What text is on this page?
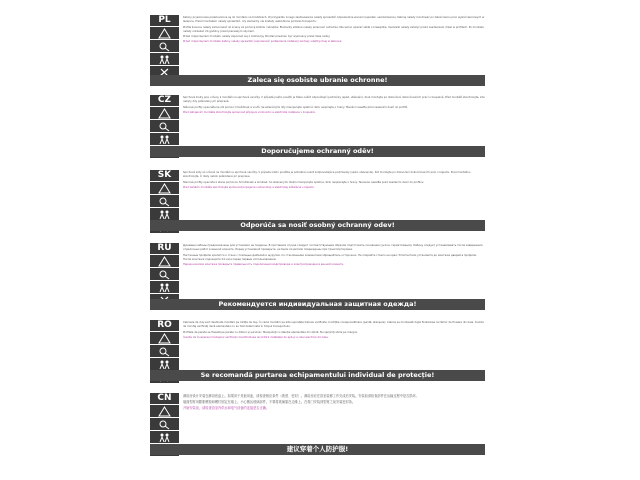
PL	Kabiny prysznicowe przeznaczone są do montażu na brodzikach. W przypadku innego zastosowania należy sprawdzić odpowiednie warunki (spadek, uszczelnienie). Kabinę należy montować po zakończeniu prac wykończeniowych w łazience. Przed montażem należy sprawdzić, czy elementy nie zostały uszkodzone podczas transportu.

Profile ścienne należy zamocować do ściany za pomocą kołków i wkrętów. Elementy szklane należy przenosić ostrożnie. Nie wolno opierać szkła o krawędzie. Uszczelki należy założyć przed osadzeniem drzwi w profilach. Po montażu należy odczekać 24 godziny przed pierwszym użyciem.

Przed rozpoczęciem montażu należy zapoznać się z instrukcją. Montaż powinien być wykonany przez dwie osoby.

Przed rozpoczęciem montażu kabiny należy sprawdzić poprawność podłączenia instalacji wodnej i elektrycznej w łazience.

Zaleca się osobiste ubranie ochronne!
CZ	Sprchové kouty jsou určeny k montáži na sprchové vaničky. V případě jiného použití je třeba ověřit odpovídající podmínky (spád, utěsnění). Kout montujte po dokončení dokončovacích prací v koupelně. Před montáží zkontrolujte, zda nebyly díly poškozeny při přepravě.

Stěnové profily upevněte ke zdi pomocí hmoždinek a vrutů. Se skleněnými díly manipulujte opatrně. Sklo neopírejte o hrany. Těsnění nasaďte před osazením dveří do profilů.

Před zahájením montáže zkontrolujte správnost připojení vodovodní a elektrické instalace v koupelně.

Doporučujeme ochranný oděv!
SK	Sprchové kúty sú určené na montáž na sprchové vaničky. V prípade iného použitia je potrebné overiť zodpovedajúce podmienky (spád, utesnenie). Kút montujte po dokončení dokončovacích prác v kúpeľni. Pred montážou skontrolujte, či diely neboli poškodené pri preprave.

Stenové profily upevnite k stene pomocou hmoždiniek a skrutiek. So sklenenými dielmi manipulujte opatrne. Sklo neopierajte o hrany. Tesnenie nasaďte pred osadením dverí do profilov.

Pred začatím montáže skontrolujte správnosť pripojenia vodovodnej a elektrickej inštalácie v kúpeľni.

Odporúča sa nosiť osobný ochranný odev!
RU	Душевые кабины предназначены для установки на поддоны. В противном случае следует соответствующим образом подготовить основание (уклон, герметизация). Кабину следует устанавливать после завершения отделочных работ в ванной комнате. Перед установкой проверьте, не были ли детали повреждены при транспортировке.

Настенные профили крепятся к стене с помощью дюбелей и шурупов. Со стеклянными элементами обращайтесь осторожно. Не опирайте стекло на края. Уплотнители установите до монтажа дверей в профили. После монтажа подождите 24 часа перед первым использованием.

Перед началом монтажа проверьте правильность подключения водопровода и электропроводки в ванной комнате.

Рекомендуется индивидуальная защитная одежда!
RO	Cabinele de duș sunt destinate montării pe cădițe de duș. În cazul montării pe alte suprafețe trebuie verificate condițiile corespunzătoare (pantă, etanșare). Cabina se montează după finalizarea lucrărilor de finisare din baie. Înainte de montaj verificați dacă elementele nu au fost deteriorate în timpul transportului.

Profilele de perete se fixează pe perete cu dibluri și șuruburi. Manipulați cu atenție elementele din sticlă. Nu sprijiniți sticla pe margini.

Înainte de începerea montajului verificați corectitudinea racordării instalației de apă și a celei electrice din baie.

Se recomandă purtarea echipamentului individual de protecție!
CN	淋浴房设计安装在淋浴底盘上。如果用于其他用途，请检查相应条件（坡度、密封）。淋浴房应在浴室装修工作完成后安装。安装前请检查部件在运输过程中是否损坏。

墙面型材用膨胀螺栓和螺钉固定在墙上。小心搬运玻璃部件。不要将玻璃靠在边缘上。在将门安装到型材之前安装密封条。

开始安装前，请检查浴室内供水和电气设备的连接是否正确。

建议穿着个人防护服!
